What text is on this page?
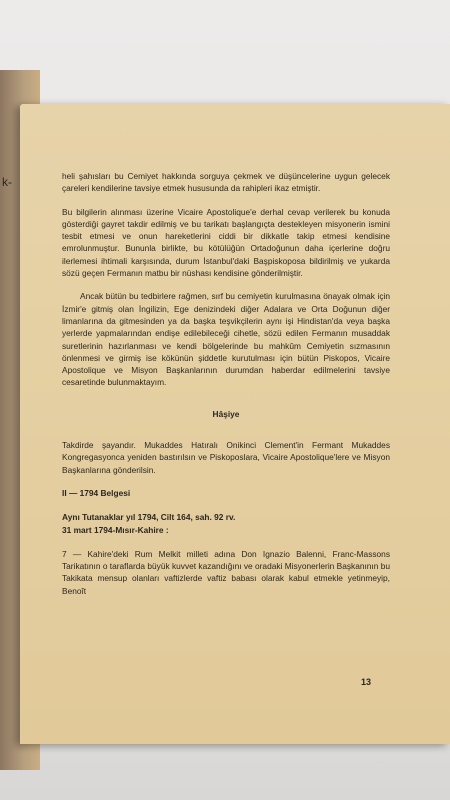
k-	heli şahısları bu Cemiyet hakkında sorguya çekmek ve düşüncelerine uygun gelecek çareleri kendilerine tavsiye etmek hususunda da rahipleri ikaz etmiştir.

Bu bilgilerin alınması üzerine Vicaire Apostolique'e derhal cevap verilerek bu konuda gösterdiği gayret takdir edilmiş ve bu tarikatı başlangıçta destekleyen misyonerin ismini tesbit etmesi ve onun hareketlerini ciddi bir dikkatle takip etmesi kendisine emrolunmuştur. Bununla birlikte, bu kötülüğün Ortadoğunun daha içerlerine doğru ilerlemesi ihtimali karşısında, durum İstanbul'daki Başpiskoposa bildirilmiş ve yukarda sözü geçen Fermanın matbu bir nüshası kendisine gönderilmiştir.

Ancak bütün bu tedbirlere rağmen, sırf bu cemiyetin kurulmasına önayak olmak için İzmir'e gitmiş olan İngilizin, Ege denizindeki diğer Adalara ve Orta Doğunun diğer limanlarına da gitmesinden ya da başka teşvikçilerin aynı işi Hindistan'da veya başka yerlerde yapmalarından endişe edilebileceği cihetle, sözü edilen Fermanın musaddak suretlerinin hazırlanması ve kendi bölgelerinde bu mahkûm Cemiyetin sızmasının önlenmesi ve girmiş ise kökünün şiddetle kurutulması için bütün Piskopos, Vicaire Apostolique ve Misyon Başkanlarının durumdan haberdar edilmelerini tavsiye cesaretinde bulunmaktayım.

Hâşiye

Takdirde şayandır. Mukaddes Hatıralı Onikinci Clement'in Fermant Mukaddes Kongregasyonca yeniden bastırılsın ve Piskoposlara, Vicaire Apostolique'lere ve Misyon Başkanlarına gönderilsin.

II — 1794 Belgesi
Aynı Tutanaklar yıl 1794, Cilt 164, sah. 92 rv.
31 mart 1794-Mısır-Kahire :

7 — Kahire'deki Rum Melkit milleti adına Don Ignazio Balenni, Franc-Massons Tarikatının o taraflarda büyük kuvvet kazandığını ve oradaki Misyonerlerin Başkanının bu Takikata mensup olanları vaftizlerde vaftiz babası olarak kabul etmekle yetinmeyip, Benoît

13
